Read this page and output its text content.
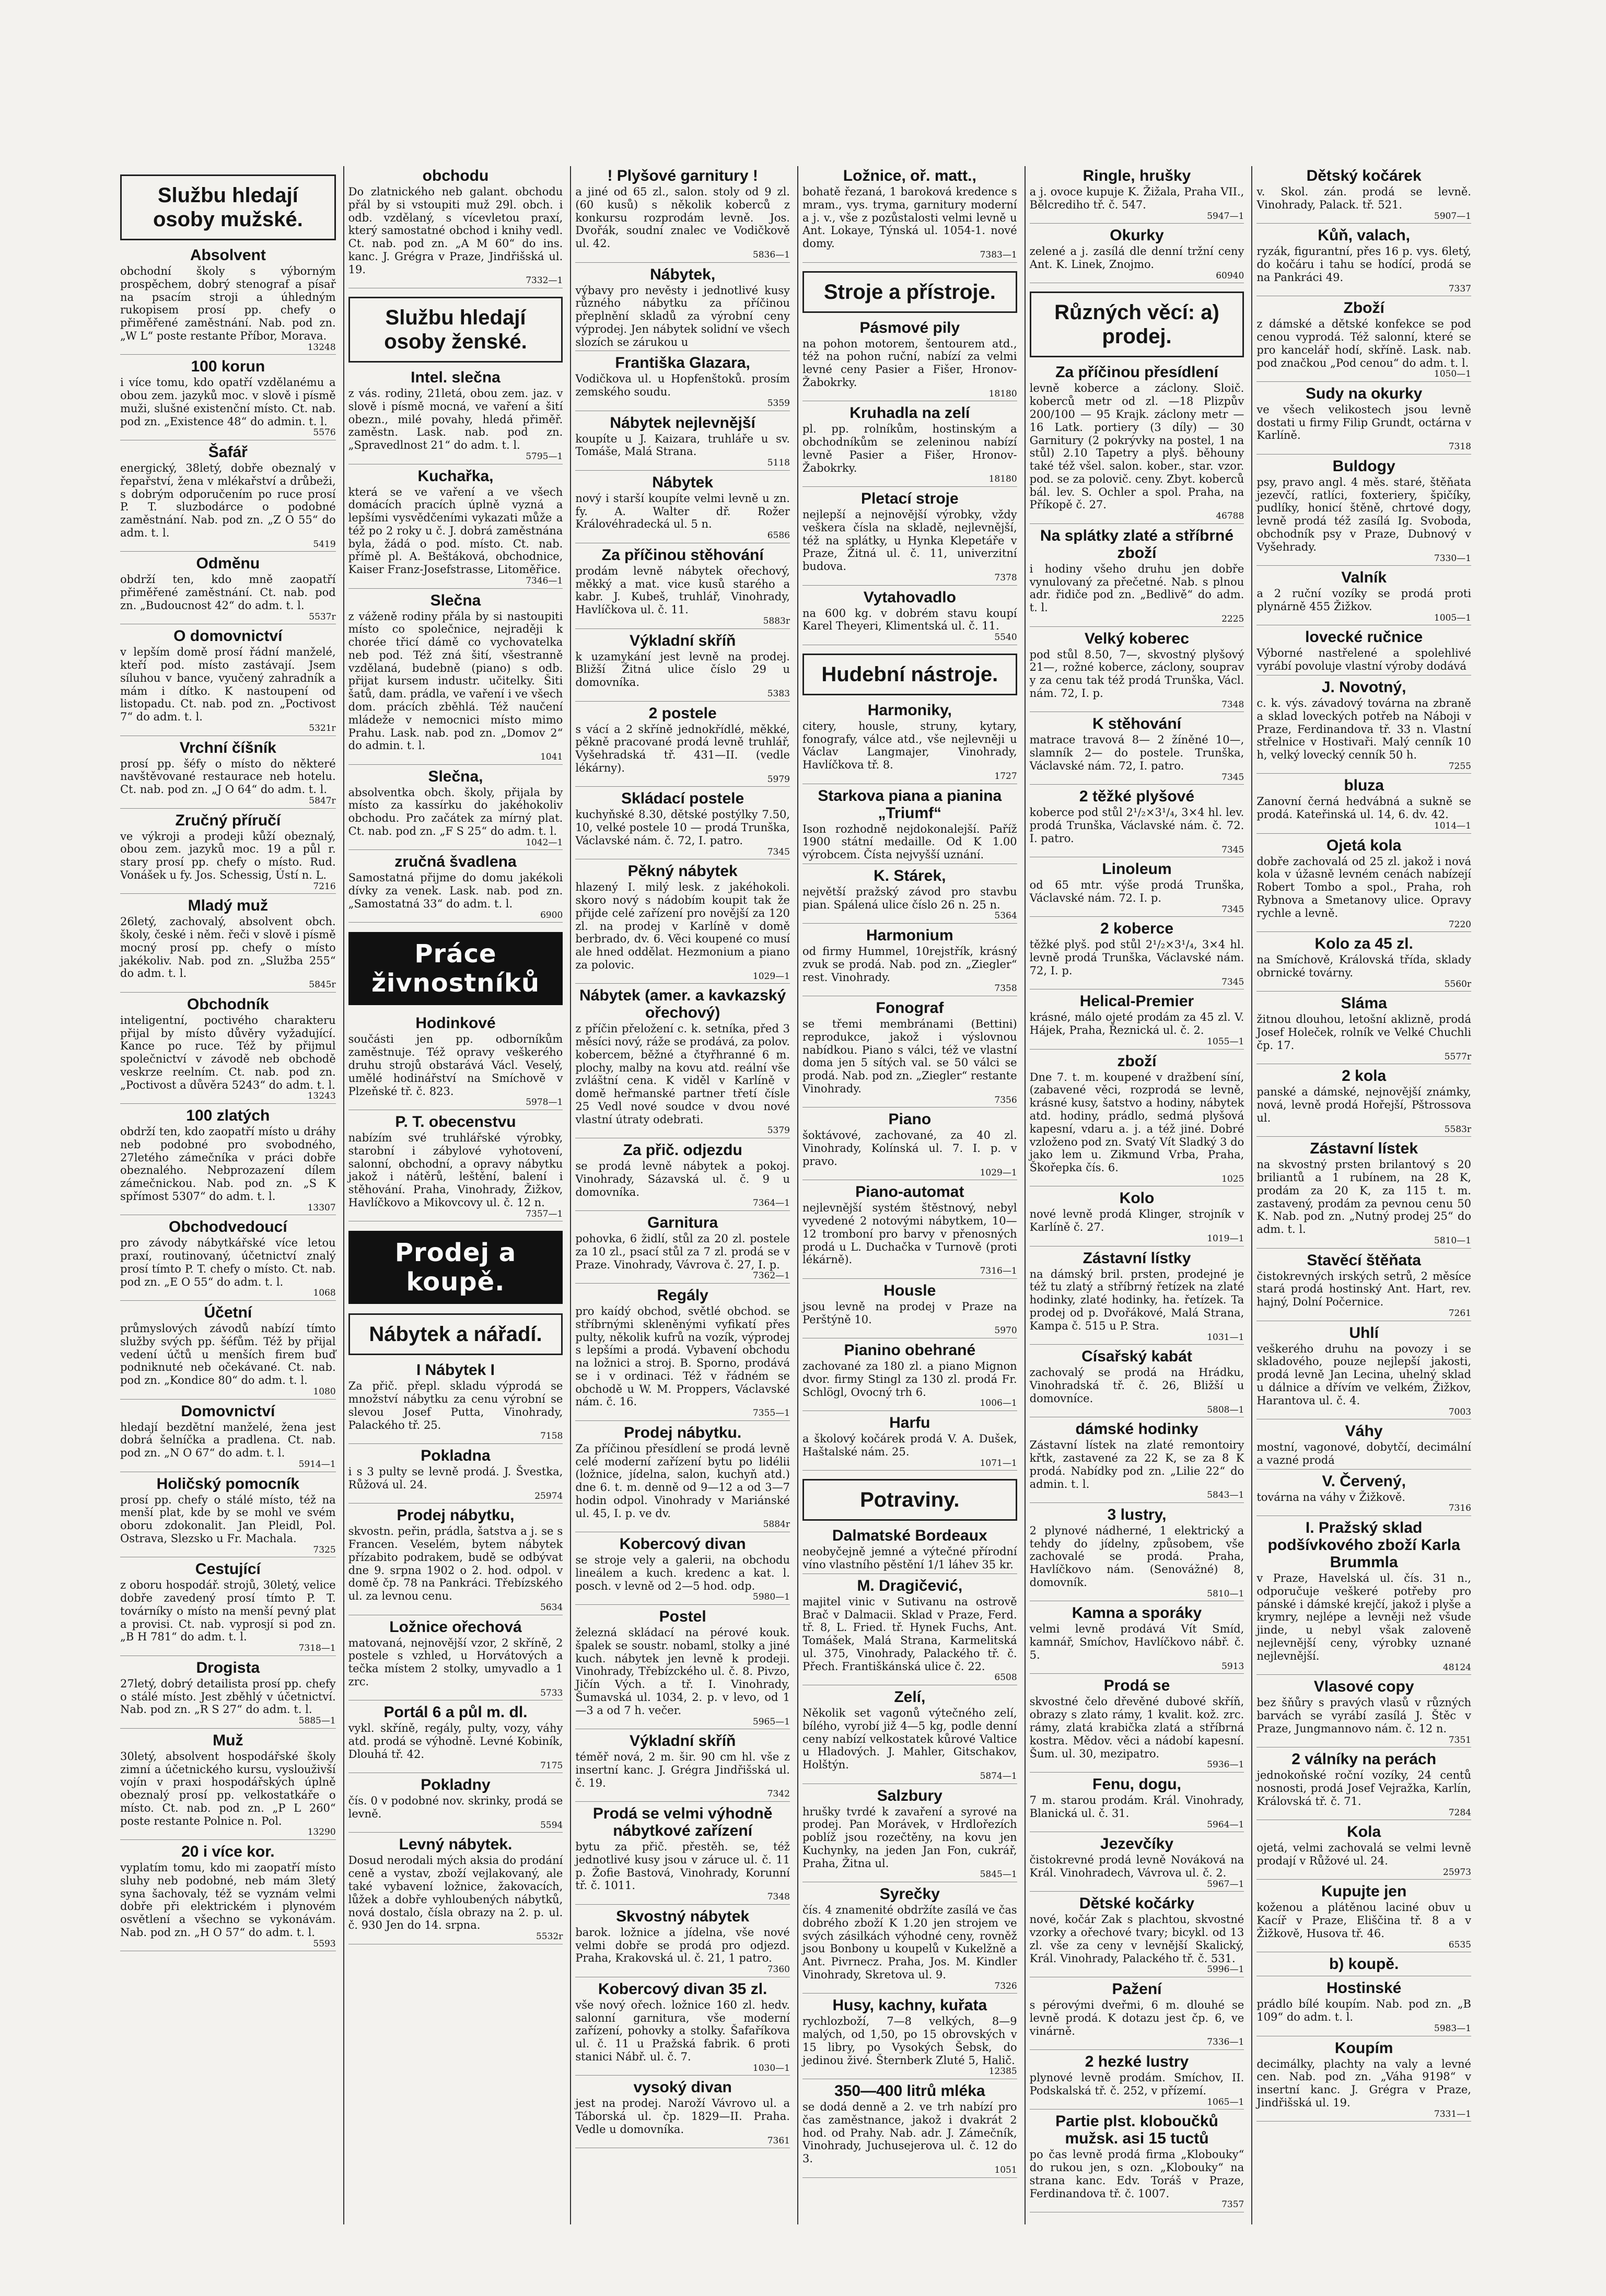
Službu hledají osoby mužské.
Absolvent
obchodní školy s výborným prospěchem, dobrý stenograf a písař na psacím stroji a úhledným rukopisem prosí pp. chefy o přiměřené zaměstnání. Nab. pod zn. „W L“ poste restante Příbor, Morava.
13248
100 korun
i více tomu, kdo opatří vzdělanému a obou zem. jazyků moc. v slově i písmě muži, slušné existenční místo. Ct. nab. pod zn. „Existence 48“ do admin. t. l.
5576
Šafář
energický, 38letý, dobře obeznalý v řepařství, žena v mlékařství a drůbeži, s dobrým odporučením po ruce prosí P. T. sluzbodárce o podobné zaměstnání. Nab. pod zn. „Z O 55“ do adm. t. l.
5419
Odměnu
obdrží ten, kdo mně zaopatří přiměřené zaměstnání. Ct. nab. pod zn. „Budoucnost 42“ do adm. t. l.
5537r
O domovnictví
v lepším domě prosí řádní manželé, kteří pod. místo zastávají. Jsem síluhou v bance, vyučený zahradník a mám i dítko. K nastoupení od listopadu. Ct. nab. pod zn. „Poctivost 7“ do adm. t. l.
5321r
Vrchní číšník
prosí pp. šéfy o místo do některé navštěvované restaurace neb hotelu. Ct. nab. pod zn. „J O 64“ do adm. t. l.
5847r
Zručný příručí
ve výkroji a prodeji kůží obeznalý, obou zem. jazyků moc. 19 a půl r. stary prosí pp. chefy o místo. Rud. Vonášek u fy. Jos. Schessig, Ústí n. L.
7216
Mladý muž
26letý, zachovalý, absolvent obch. školy, české i něm. řeči v slově i písmě mocný prosí pp. chefy o místo jakékoliv. Nab. pod zn. „Služba 255“ do adm. t. l.
5845r
Obchodník
inteligentní, poctivého charakteru přijal by místo důvěry vyžadující. Kance po ruce. Též by přijmul společnictví v závodě neb obchodě veskrze reelním. Ct. nab. pod zn. „Poctivost a důvěra 5243“ do adm. t. l.
13243
100 zlatých
obdrží ten, kdo zaopatří místo u dráhy neb podobné pro svobodného, 27letého zámečníka v práci dobře obeznalého. Nebprozazení dílem zámečnickou. Nab. pod zn. „S K spřímost 5307“ do adm. t. l.
13307
Obchodvedoucí
pro závody nábytkářské více letou praxí, routinovaný, účetnictví znalý prosí tímto P. T. chefy o místo. Ct. nab. pod zn. „E O 55“ do adm. t. l.
1068
Účetní
průmyslových závodů nabízí tímto služby svých pp. šéfům. Též by přijal vedení účtů u menších firem buď podniknuté neb očekávané. Ct. nab. pod zn. „Kondice 80“ do adm. t. l.
1080
Domovnictví
hledají bezdětní manželé, žena jest dobrá šelníčka a pradlena. Ct. nab. pod zn. „N O 67“ do adm. t. l.
5914—1
Holičský pomocník
prosí pp. chefy o stálé místo, též na menší plat, kde by se mohl ve svém oboru zdokonalit. Jan Pleidl, Pol. Ostrava, Slezsko u Fr. Machala.
7325
Cestující
z oboru hospodář. strojů, 30letý, velice dobře zavedený prosí tímto P. T. továrníky o místo na menší pevný plat a provisi. Ct. nab. vyprosjí si pod zn. „B H 781“ do adm. t. l.
7318—1
Drogista
27letý, dobrý detailista prosí pp. chefy o stálé místo. Jest zběhlý v účetnictví. Nab. pod zn. „R S 27“ do adm. t. l.
5885—1
Muž
30letý, absolvent hospodářské školy zimní a účetnického kursu, vyslouživší vojín v praxi hospodářských úplně obeznalý prosí pp. velkostatkáře o místo. Ct. nab. pod zn. „P L 260“ poste restante Polnice n. Pol.
13290
20 i více kor.
vyplatím tomu, kdo mi zaopatří místo sluhy neb podobné, neb mám 3letý syna šachovaly, též se vyznám velmi dobře při elektrickém i plynovém osvětlení a všechno se vykonávám. Nab. pod zn. „H O 57“ do adm. t. l.
5593
obchodu
Do zlatnického neb galant. obchodu přál by si vstoupiti muž 29l. obch. i odb. vzdělaný, s vícevletou praxí, který samostatné obchod i knihy vedl. Ct. nab. pod zn. „A M 60“ do ins. kanc. J. Grégra v Praze, Jindřišská ul. 19.
7332—1
Službu hledají osoby ženské.
Intel. slečna
z vás. rodiny, 21letá, obou zem. jaz. v slově i písmě mocná, ve vaření a šití obezn., milé povahy, hledá přiměř. zaměstn. Lask. nab. pod zn. „Spravedlnost 21“ do adm. t. l.
5795—1
Kuchařka,
která se ve vaření a ve všech domácích pracích úplně vyzná a lepšími vysvědčeními vykazati může a též po 2 roky u č. J. dobrá zaměstnána byla, žádá o pod. místo. Ct. nab. přímě pl. A. Beštáková, obchodnice, Kaiser Franz-Josefstrasse, Litoměřice.
7346—1
Slečna
z váženě rodiny přála by si nastoupiti místo co společnice, nejraději k chorée třicí dámě co vychovatelka neb pod. Též zná šití, všestranně vzdělaná, budebně (piano) s odb. přijat kursem industr. učitelky. Šiti šatů, dam. prádla, ve vaření i ve všech dom. prácích zběhlá. Též naučení mládeže v nemocnici místo mimo Prahu. Lask. nab. pod zn. „Domov 2“ do admin. t. l.
1041
Slečna,
absolventka obch. školy, přijala by místo za kassírku do jakéhokoliv obchodu. Pro začátek za mírný plat. Ct. nab. pod zn. „F S 25“ do adm. t. l.
1042—1
zručná švadlena
Samostatná přijme do domu jakékoli dívky za venek. Lask. nab. pod zn. „Samostatná 33“ do adm. t. l.
6900
Práce živnostníků
Hodinkové
součásti jen pp. odborníkům zaměstnuje. Též opravy veškerého druhu strojů obstarává Václ. Veselý, umělé hodinářství na Smíchově v Plzeňské tř. č. 823.
5978—1
P. T. obecenstvu
nabízím své truhlářské výrobky, starobní i zábylové vyhotovení, salonní, obchodní, a opravy nábytku jakož i nátěrů, leštění, balení i stěhování. Praha, Vinohrady, Žižkov, Havlíčkovo a Mikovcovy ul. č. 12 n.
7357—1
Prodej a koupě.
Nábytek a nářadí.
I Nábytek I
Za přič. přepl. skladu výprodá se množství nábytku za cenu výrobní se slevou Josef Putta, Vinohrady, Palackého tř. 25.
7158
Pokladna
i s 3 pulty se levně prodá. J. Švestka, Růžová ul. 24.
25974
Prodej nábytku,
skvostn. peřin, prádla, šatstva a j. se s Francen. Veselém, bytem nábytek přízabito podrakem, budě se odbývat dne 9. srpna 1902 o 2. hod. odpol. v domě čp. 78 na Pankráci. Třebízského ul. za levnou cenu.
5634
Ložnice ořechová
matovaná, nejnovější vzor, 2 skříně, 2 postele s vzhled, u Horvátových a tečka místem 2 stolky, umyvadlo a 1 zrc.
5733
Portál 6 a půl m. dl.
vykl. skříně, regály, pulty, vozy, váhy atd. prodá se výhodně. Levné Kobiník, Dlouhá tř. 42.
7175
Pokladny
čís. 0 v podobné nov. skrinky, prodá se levně.
5594
Levný nábytek.
Dosud nerodali mých aksia do prodání ceně a vystav, zboží vejlakovaný, ale také vybavení ložnice, žakovacích, lůžek a dobře vyhloubených nábytků, nová dostalo, čísla obrazy na 2. p. ul. č. 930 Jen do 14. srpna.
5532r
! Plyšové garnitury !
a jiné od 65 zl., salon. stoly od 9 zl. (60 kusů) s několik koberců z konkursu rozprodám levně. Jos. Dvořák, soudní znalec ve Vodičkově ul. 42.
5836—1
Nábytek,
výbavy pro nevěsty i jednotlivé kusy různého nábytku za příčinou přeplnění skladů za výrobní ceny výprodej. Jen nábytek solidní ve všech slozích se zárukou u
Františka Glazara,
Vodičkova ul. u Hopfenštoků. prosím zemského soudu.
5359
Nábytek nejlevnější
koupíte u J. Kaizara, truhláře u sv. Tomáše, Malá Strana.
5118
Nábytek
nový i starší koupíte velmi levně u zn. fy. A. Walter dř. Rožer Královéhradecká ul. 5 n.
6586
Za příčinou stěhování
prodám levně nábytek ořechový, měkký a mat. vice kusů starého a kabr. J. Kubeš, truhlář, Vinohrady, Havlíčkova ul. č. 11.
5883r
Výkladní skříň
k uzamykání jest levně na prodej. Bližší Žitná ulice číslo 29 u domovníka.
5383
2 postele
s vácí a 2 skříně jednokřídlé, měkké, pěkně pracované prodá levně truhlář, Vyšehradská tř. 431—II. (vedle lékárny).
5979
Skládací postele
kuchyňské 8.30, dětské postýlky 7.50, 10, velké postele 10 — prodá Trunška, Václavské nám. č. 72, I. patro.
7345
Pěkný nábytek
hlazený I. milý lesk. z jakéhokoli. skoro nový s nádobím koupit tak že přijde celé zařízení pro novější za 120 zl. na prodej v Karlíně v domě berbrado, dv. 6. Věci koupené co musí ale hned oddělat. Hezmonium a piano za polovic.
1029—1
Nábytek (amer. a kavkazský ořechový)
z příčin přeložení c. k. setníka, před 3 měsíci nový, ráže se prodává, za polov. kobercem, běžné a čtyřhranné 6 m. plochy, malby na kovu atd. reální vše zvláštní cena. K viděl v Karlíně v domě heřmanské partner třetí čísle 25 Vedl nové soudce v dvou nové vlastní útraty odebrati.
5379
Za přič. odjezdu
se prodá levně nábytek a pokoj. Vinohrady, Sázavská ul. č. 9 u domovníka.
7364—1
Garnitura
pohovka, 6 židlí, stůl za 20 zl. postele za 10 zl., psací stůl za 7 zl. prodá se v Praze. Vinohrady, Vávrova č. 27, I. p.
7362—1
Regály
pro kaídý obchod, světlé obchod. se stříbrnými skleněnými vyfikatí přes pulty, několik kufrů na vozík, výprodej s lepšími a prodá. Vybavení obchodu na ložnici a stroj. B. Sporno, prodává se i v ordinaci. Též v řádném se obchodě u W. M. Proppers, Václavské nám. č. 16.
7355—1
Prodej nábytku.
Za příčinou přesídlení se prodá levně celé moderní zařízení bytu po lidélii (ložnice, jídelna, salon, kuchyň atd.) dne 6. t. m. denně od 9—12 a od 3—7 hodin odpol. Vinohrady v Mariánské ul. 45, I. p. ve dv.
5884r
Kobercový divan
se stroje vely a galerii, na obchodu lineálem a kuch. kredenc a kat. l. posch. v levně od 2—5 hod. odp.
5980—1
Postel
železná skládací na pérové kouk. špalek se soustr. nobaml, stolky a jiné kuch. nábytek jen levně k prodeji. Vinohrady, Třebízckého ul. č. 8. Pivzo, Jičín Vých. a tř. I. Vinohrady, Šumavská ul. 1034, 2. p. v levo, od 1—3 a od 7 h. večer.
5965—1
Výkladní skříň
téměř nová, 2 m. šir. 90 cm hl. vše z insertní kanc. J. Grégra Jindřišská ul. č. 19.
7342
Prodá se velmi výhodně nábytkové zařízení
bytu za přič. přestěh. se, též jednotlivé kusy jsou v záruce ul. č. 11 p. Žofie Bastová, Vinohrady, Korunní tř. č. 1011.
7348
Skvostný nábytek
barok. ložnice a jídelna, vše nové velmi dobře se prodá pro odjezd. Praha, Krakovská ul. č. 21, 1 patro.
7360
Kobercový divan 35 zl.
vše nový ořech. ložnice 160 zl. hedv. salonní garnitura, vše moderní zařízení, pohovky a stolky. Šafaříkova ul. č. 11 u Pražská fabrik. 6 proti stanici Nábř. ul. č. 7.
1030—1
vysoký divan
jest na prodej. Naroží Vávrovo ul. a Táborská ul. čp. 1829—II. Praha. Vedle u domovníka.
7361
Ložnice, oř. matt.,
bohatě řezaná, 1 baroková kredence s mram., vys. tryma, garnitury moderní a j. v., vše z pozůstalosti velmi levně u Ant. Lokaye, Týnská ul. 1054-1. nové domy.
7383—1
Stroje a přístroje.
Pásmové pily
na pohon motorem, šentourem atd., též na pohon ruční, nabízí za velmi levné ceny Pasier a Fišer, Hronov-Žabokrky.
18180
Kruhadla na zelí
pl. pp. rolníkům, hostinským a obchodníkům se zeleninou nabízí levně Pasier a Fišer, Hronov-Žabokrky.
18180
Pletací stroje
nejlepší a nejnovější výrobky, vždy veškera čísla na skladě, nejlevnější, též na splátky, u Hynka Klepetáře v Praze, Žitná ul. č. 11, univerzitní budova.
7378
Vytahovadlo
na 600 kg. v dobrém stavu koupí Karel Theyeri, Klimentská ul. č. 11.
5540
Hudební nástroje.
Harmoniky,
citery, housle, struny, kytary, fonografy, válce atd., vše nejlevněji u Václav Langmajer, Vinohrady, Havlíčkova tř. 8.
1727
Starkova piana a pianina „Triumf“
Ison rozhodně nejdokonalejší. Paříž 1900 státní medaille. Od K 1.00 výrobcem. Čísta nejvyšší uznání.
K. Stárek,
největší pražský závod pro stavbu pian. Spálená ulice číslo 26 n. 25 n.
5364
Harmonium
od firmy Hummel, 10rejstřík, krásný zvuk se prodá. Nab. pod zn. „Ziegler“ rest. Vinohrady.
7358
Fonograf
se třemi membránami (Bettini) reprodukce, jakož i výslovnou nabídkou. Piano s válci, též ve vlastní doma jen 5 sítých val. se 50 válci se prodá. Nab. pod zn. „Ziegler“ restante Vinohrady.
7356
Piano
šoktávové, zachované, za 40 zl. Vinohrady, Kolínská ul. 7. I. p. v pravo.
1029—1
Piano-automat
nejlevnější systém štěstnový, nebyl vyvedené 2 notovými nábytkem, 10—12 tromboní pro barvy v přenosných prodá u L. Duchačka v Turnově (proti lékárně).
7316—1
Housle
jsou levně na prodej v Praze na Perštýně 10.
5970
Pianino obehrané
zachované za 180 zl. a piano Mignon dvor. firmy Stingl za 130 zl. prodá Fr. Schlögl, Ovocný trh 6.
1006—1
Harfu
a školový kočárek prodá V. A. Dušek, Haštalské nám. 25.
1071—1
Potraviny.
Dalmatské Bordeaux
neobyčejně jemné a výtečné přírodní víno vlastního pěstění 1/1 láhev 35 kr.
M. Dragičević,
majitel vinic v Sutivanu na ostrově Brač v Dalmacii. Sklad v Praze, Ferd. tř. 8, L. Fried. tř. Hynek Fuchs, Ant. Tomášek, Malá Strana, Karmelitská ul. 375, Vinohrady, Palackého tř. č. Přech. Františkánská ulice č. 22.
6508
Zelí,
Několik set vagonů výtečného zelí, bílého, vyrobí již 4—5 kg, podle denní ceny nabízí velkostatek kůrové Valtice u Hladových. J. Mahler, Gitschakov, Holštýn.
5874—1
Salzbury
hrušky tvrdé k zavaření a syrové na prodej. Pan Morávek, v Hrdlořezích poblíž jsou rozečtěny, na kovu jen Kuchynky, na jeden Jan Fon, cukrář, Praha, Žitna ul.
5845—1
Syrečky
čís. 4 znamenité obdržíte zasílá ve čas dobrého zboží K 1.20 jen strojem ve svých zásilkách výhodné ceny, rovněž jsou Bonbony u koupelů v Kukelžně a Ant. Pivrnecz. Praha, Jos. M. Kindler Vinohrady, Skretova ul. 9.
7326
Husy, kachny, kuřata
rychlozboží, 7—8 velkých, 8—9 malých, od 1,50, po 15 obrovských v 15 libry, po Vysokých Šebsk, do jedinou živé. Šternberk Zluté 5, Halič.
12385
350—400 litrů mléka
se dodá denně a 2. ve trh nabízí pro čas zaměstnance, jakož i dvakrát 2 hod. od Prahy. Nab. adr. J. Zámečník, Vinohrady, Juchusejerova ul. č. 12 do 3.
1051
Ringle, hrušky
a j. ovoce kupuje K. Žižala, Praha VII., Bělcrediho tř. č. 547.
5947—1
Okurky
zelené a j. zasílá dle denní tržní ceny Ant. K. Linek, Znojmo.
60940
Různých věcí: a) prodej.
Za příčinou přesídlení
levně koberce a záclony. Sloič. koberců metr od zl. —18 Plizpův 200/100 — 95 Krajk. záclony metr — 16 Latk. portiery (3 díly) — 30 Garnitury (2 pokrývky na postel, 1 na stůl) 2.10 Tapetry a plyš. běhouny také též všel. salon. kober., star. vzor. pod. se za polovič. ceny. Zbyt. koberců bál. lev. S. Ochler a spol. Praha, na Příkopě č. 27.
46788
Na splátky zlaté a stříbrné zboží
i hodiny všeho druhu jen dobře vynulovaný za přečetné. Nab. s plnou adr. řidiče pod zn. „Bedlivě“ do adm. t. l.
2225
Velký koberec
pod stůl 8.50, 7—, skvostný plyšový 21—, rožné koberce, záclony, souprav y za cenu tak též prodá Trunška, Václ. nám. 72, I. p.
7348
K stěhování
matrace travová 8— 2 žíněné 10—, slamník 2— do postele. Trunška, Václavské nám. 72, I. patro.
7345
2 těžké plyšové
koberce pod stůl 2¹/₂×3¹/₄, 3×4 hl. lev. prodá Trunška, Václavské nám. č. 72. I. patro.
7345
Linoleum
od 65 mtr. výše prodá Trunška, Václavské nám. 72. I. p.
7345
2 koberce
těžké plyš. pod stůl 2¹/₂×3¹/₄, 3×4 hl. levně prodá Trunška, Václavské nám. 72, I. p.
7345
Helical-Premier
krásné, málo ojeté prodám za 45 zl. V. Hájek, Praha, Řeznická ul. č. 2.
1055—1
zboží
Dne 7. t. m. koupené v dražbení síní, (zabavené věci, rozprodá se levně, krásné kusy, šatstvo a hodiny, nábytek atd. hodiny, prádlo, sedmá plyšová kapesní, vdaru a. j. a též jiné. Dobré vzloženo pod zn. Svatý Vít Sladký 3 do jako lem u. Zikmund Vrba, Praha, Škořepka čís. 6.
1025
Kolo
nové levně prodá Klinger, strojník v Karlíně č. 27.
1019—1
Zástavní lístky
na dámský bril. prsten, prodejné je též tu zlatý a stříbrný řetízek na zlaté hodinky, zlaté hodinky, ha. řetízek. Ta prodej od p. Dvořákové, Malá Strana, Kampa č. 515 u P. Stra.
1031—1
Císařský kabát
zachovalý se prodá na Hrádku, Vinohradská tř. č. 26, Bližší u domovníce.
5808—1
dámské hodinky
Zástavní lístek na zlaté remontoiry křtk, zastavené za 22 K, se za 8 K prodá. Nabídky pod zn. „Lilie 22“ do admin. t. l.
5843—1
3 lustry,
2 plynové nádherné, 1 elektrický a tehdy do jídelny, způsobem, vše zachovalé se prodá. Praha, Havlíčkovo nám. (Senovážné) 8, domovník.
5810—1
Kamna a sporáky
velmi levně prodává Vít Smíd, kamnář, Smíchov, Havlíčkovo nábř. č. 5.
5913
Prodá se
skvostné čelo dřevěné dubové skříň, obrazy s zlato rámy, 1 kvalit. kož. zrc. rámy, zlatá krabička zlatá a stříbrná kostra. Mědov. věci a nádobí kapesní. Šum. ul. 30, mezipatro.
5936—1
Fenu, dogu,
7 m. starou prodám. Král. Vinohrady, Blanická ul. č. 31.
5964—1
Jezevčíky
čistokrevné prodá levně Nováková na Král. Vinohradech, Vávrova ul. č. 2.
5967—1
Dětské kočárky
nové, kočár Zak s plachtou, skvostné vzorky a ořechové tvary; bicykl. od 13 zl. vše za ceny v levnější Skalický, Král. Vinohrady, Palackého tř. č. 531.
5996—1
Pažení
s pérovými dveřmi, 6 m. dlouhé se levně prodá. K dotazu jest čp. 6, ve vinárně.
7336—1
2 hezké lustry
plynové levně prodám. Smíchov, II. Podskalská tř. č. 252, v přízemí.
1065—1
Partie plst. kloboučků mužsk. asi 15 tuctů
po čas levně prodá firma „Klobouky“ do rukou jen, s ozn. „Klobouky“ na strana kanc. Edv. Toráš v Praze, Ferdinandova tř. č. 1007.
7357
Dětský kočárek
v. Skol. zán. prodá se levně. Vinohrady, Palack. tř. 521.
5907—1
Kůň, valach,
ryzák, figurantní, přes 16 p. vys. 6letý, do kočáru i tahu se hodící, prodá se na Pankráci 49.
7337
Zboží
z dámské a dětské konfekce se pod cenou vyprodá. Též salonní, které se pro kancelář hodí, skříně. Lask. nab. pod značkou „Pod cenou“ do adm. t. l.
1050—1
Sudy na okurky
ve všech velikostech jsou levně dostati u firmy Filip Grundt, octárna v Karlíně.
7318
Buldogy
psy, pravo angl. 4 měs. staré, štěňata jezevčí, ratlíci, foxteriery, špičíky, pudlíky, honicí štěně, chrtové dogy, levně prodá též zasílá Ig. Svoboda, obchodník psy v Praze, Dubnový v Vyšehrady.
7330—1
Valník
a 2 ruční vozíky se prodá proti plynárně 455 Žižkov.
1005—1
lovecké ručnice
Výborné nastřelené a spolehlivé vyrábí povoluje vlastní výroby dodává
J. Novotný,
c. k. výs. závadový továrna na zbraně a sklad loveckých potřeb na Náboji v Praze, Ferdinandova tř. 33 n. Vlastní střelnice v Hostivaři. Malý cenník 10 h, velký lovecký cenník 50 h.
7255
bluza
Zanovní černá hedvábná a sukně se prodá. Kateřinská ul. 14, 6. dv. 42.
1014—1
Ojetá kola
dobře zachovalá od 25 zl. jakož i nová kola v úžasně levném cenách nabízejí Robert Tombo a spol., Praha, roh Rybnova a Smetanovy ulice. Opravy rychle a levně.
7220
Kolo za 45 zl.
na Smíchově, Královská třída, sklady obrnické továrny.
5560r
Sláma
žitnou dlouhou, letošní aklizně, prodá Josef Holeček, rolník ve Velké Chuchli čp. 17.
5577r
2 kola
panské a dámské, nejnovější známky, nová, levně prodá Hořejší, Pštrossova ul.
5583r
Zástavní lístek
na skvostný prsten brilantový s 20 briliantů a 1 rubínem, na 28 K, prodám za 20 K, za 115 t. m. zastavený, prodám za pevnou cenu 50 K. Nab. pod zn. „Nutný prodej 25“ do adm. t. l.
5810—1
Stavěcí štěňata
čistokrevných irských setrů, 2 měsíce stará prodá hostinský Ant. Hart, rev. hajný, Dolní Počernice.
7261
Uhlí
veškerého druhu na povozy i se skladového, pouze nejlepší jakosti, prodá levně Jan Lecina, uhelný sklad u dálnice a dřívím ve velkém, Žižkov, Harantova ul. č. 4.
7003
Váhy
mostní, vagonové, dobytčí, decimální a vazné prodá
V. Červený,
továrna na váhy v Žižkově.
7316
I. Pražský sklad podšívkového zboží Karla Brummla
v Praze, Havelská ul. čís. 31 n., odporučuje veškeré potřeby pro pánské i dámské krejčí, jakož i plyše a krymry, nejlépe a levněji než všude jinde, u nebyl však zaloveně nejlevnější ceny, výrobky uznané nejlevnější.
48124
Vlasové copy
bez šňůry s pravých vlasů v různých barvách se vyrábí zasílá J. Štěc v Praze, Jungmannovo nám. č. 12 n.
7351
2 válníky na perách
jednokoňské roční vozíky, 24 centů nosnosti, prodá Josef Vejražka, Karlín, Královská tř. č. 71.
7284
Kola
ojetá, velmi zachovalá se velmi levně prodají v Růžové ul. 24.
25973
Kupujte jen
koženou a plátěnou laciné obuv u Kacíř v Praze, Eliščina tř. 8 a v Žižkově, Husova tř. 46.
6535
b) koupě.
Hostinské
prádlo bílé koupím. Nab. pod zn. „B 109“ do adm. t. l.
5983—1
Koupím
decimálky, plachty na valy a levné cen. Nab. pod zn. „Váha 9198“ v insertní kanc. J. Grégra v Praze, Jindřišská ul. 19.
7331—1
